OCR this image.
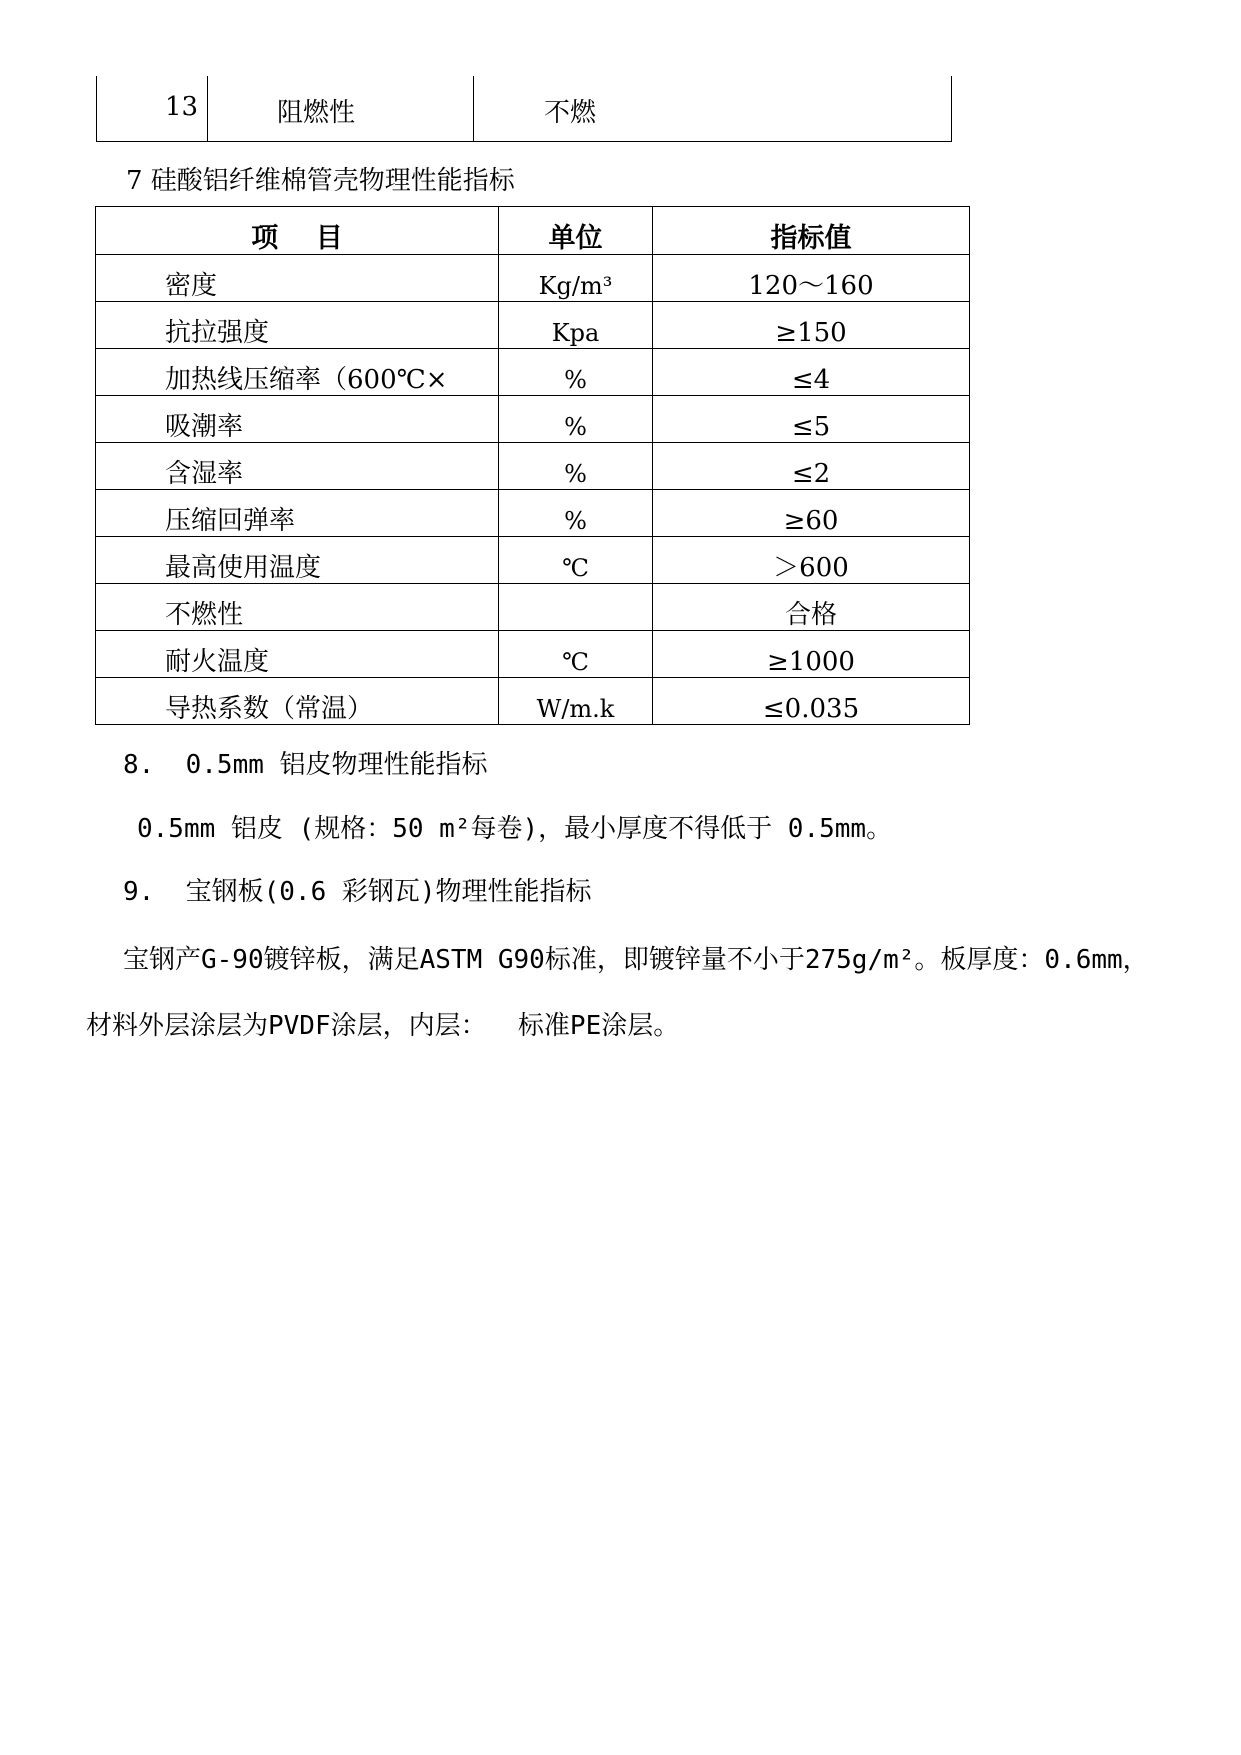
13	阻燃性	不燃
7 硅酸铝纤维棉管壳物理性能指标
项    目	单位	指标值
密度	Kg/m³	120～160
抗拉强度	Kpa	≥150
加热线压缩率（600℃×	%	≤4
吸潮率	%	≤5
含湿率	%	≤2
压缩回弹率	%	≥60
最高使用温度	℃	＞600
不燃性		合格
耐火温度	℃	≥1000
导热系数（常温）	W/m.k	≤0.035
8.  0.5mm 铝皮物理性能指标
0.5mm 铝皮 (规格：50 m²每卷)，最小厚度不得低于 0.5mm。
9.  宝钢板(0.6 彩钢瓦)物理性能指标
宝钢产G-90镀锌板，满足ASTM G90标准，即镀锌量不小于275g/m²。板厚度：0.6mm，
材料外层涂层为PVDF涂层，内层：  标准PE涂层。
